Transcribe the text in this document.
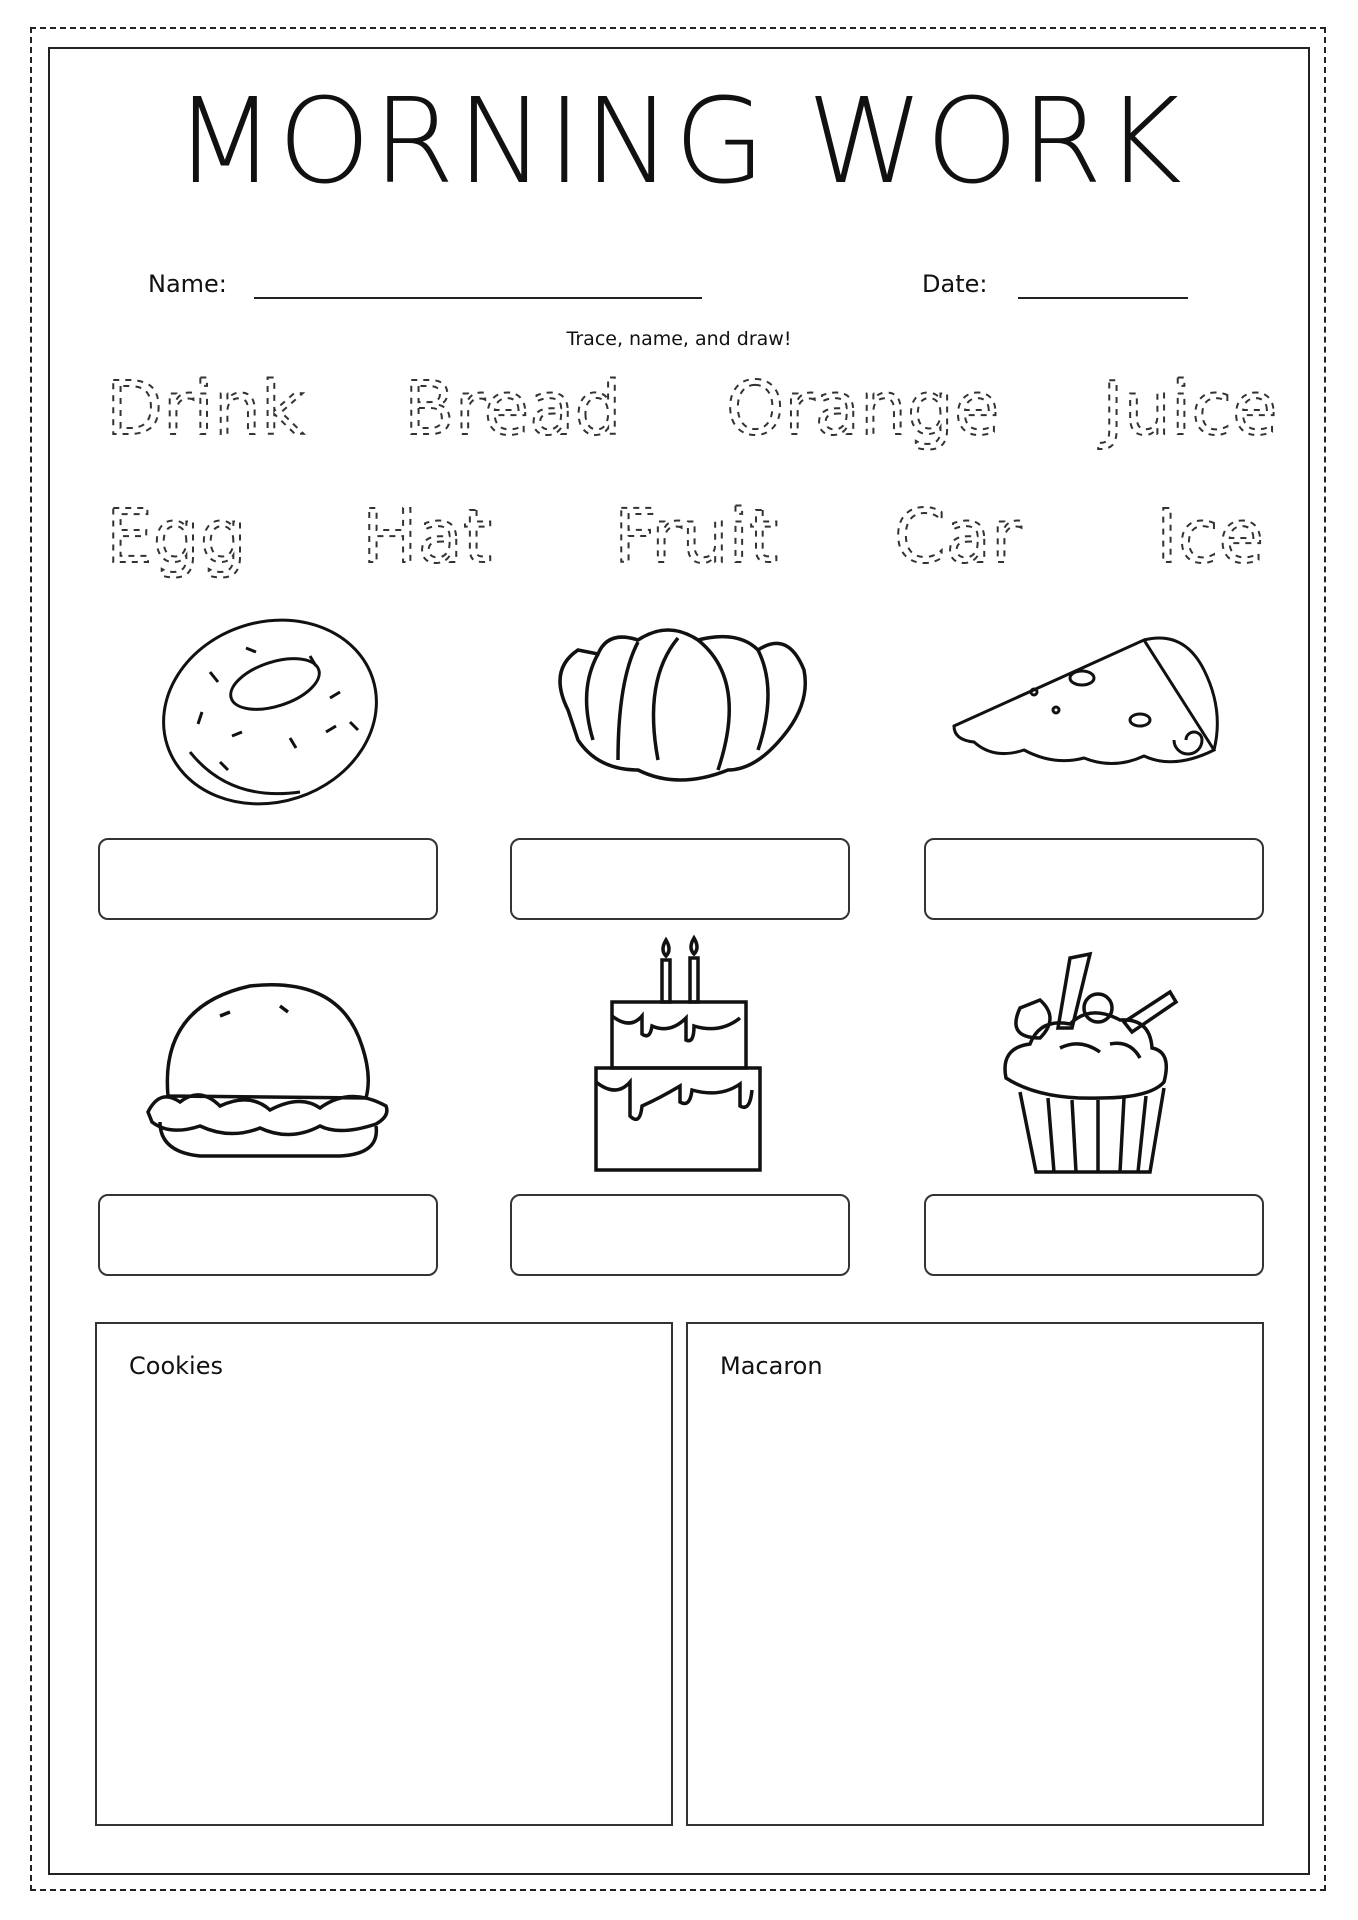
MORNING WORK
Name:	Date:
Trace, name, and draw!
Drink Bread Orange Juice
Egg Hat Fruit Car Ice
Cookies	Macaron
